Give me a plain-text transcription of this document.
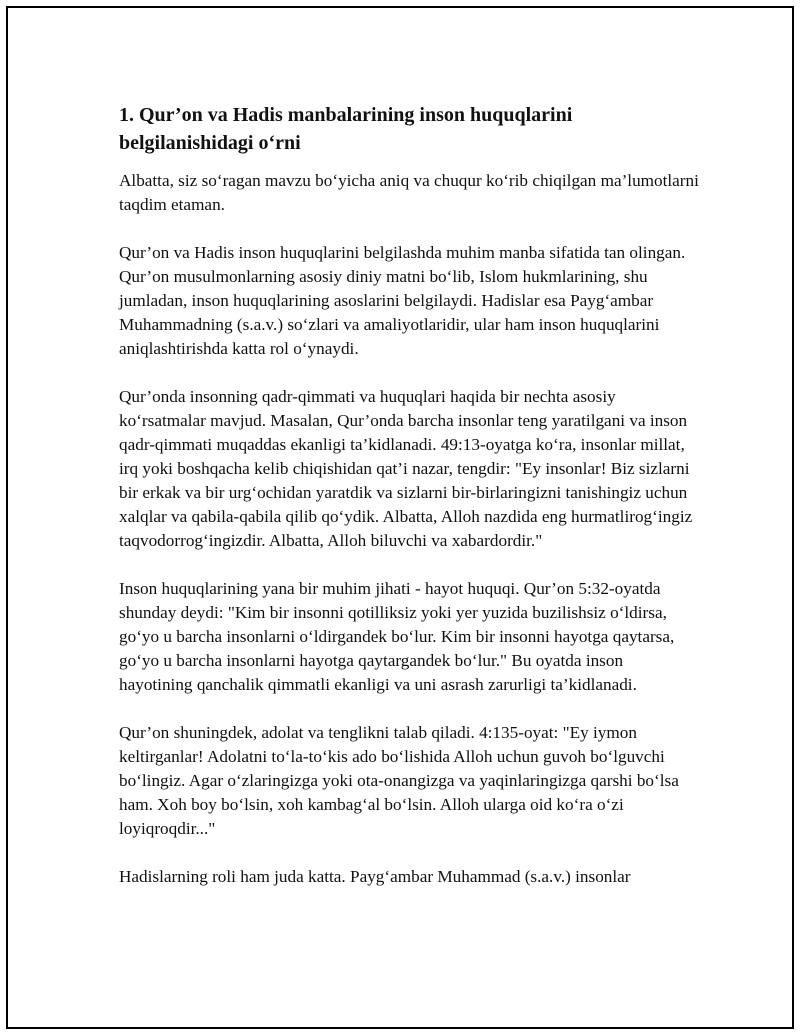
1. Qur’on va Hadis manbalarining inson huquqlarini belgilanishidagi o‘rni

Albatta, siz so‘ragan mavzu bo‘yicha aniq va chuqur ko‘rib chiqilgan ma’lumotlarni taqdim etaman.

Qur’on va Hadis inson huquqlarini belgilashda muhim manba sifatida tan olingan. Qur’on musulmonlarning asosiy diniy matni bo‘lib, Islom hukmlarining, shu jumladan, inson huquqlarining asoslarini belgilaydi. Hadislar esa Payg‘ambar Muhammadning (s.a.v.) so‘zlari va amaliyotlaridir, ular ham inson huquqlarini aniqlashtirishda katta rol o‘ynaydi.

Qur’onda insonning qadr-qimmati va huquqlari haqida bir nechta asosiy ko‘rsatmalar mavjud. Masalan, Qur’onda barcha insonlar teng yaratilgani va inson qadr-qimmati muqaddas ekanligi ta’kidlanadi. 49:13-oyatga ko‘ra, insonlar millat, irq yoki boshqacha kelib chiqishidan qat’i nazar, tengdir: "Ey insonlar! Biz sizlarni bir erkak va bir urg‘ochidan yaratdik va sizlarni bir-birlaringizni tanishingiz uchun xalqlar va qabila-qabila qilib qo‘ydik. Albatta, Alloh nazdida eng hurmatlirog‘ingiz taqvodorrog‘ingizdir. Albatta, Alloh biluvchi va xabardordir."

Inson huquqlarining yana bir muhim jihati - hayot huquqi. Qur’on 5:32-oyatda shunday deydi: "Kim bir insonni qotilliksiz yoki yer yuzida buzilishsiz o‘ldirsa, go‘yo u barcha insonlarni o‘ldirgandek bo‘lur. Kim bir insonni hayotga qaytarsa, go‘yo u barcha insonlarni hayotga qaytargandek bo‘lur." Bu oyatda inson hayotining qanchalik qimmatli ekanligi va uni asrash zarurligi ta’kidlanadi.

Qur’on shuningdek, adolat va tenglikni talab qiladi. 4:135-oyat: "Ey iymon keltirganlar! Adolatni to‘la-to‘kis ado bo‘lishida Alloh uchun guvoh bo‘lguvchi bo‘lingiz. Agar o‘zlaringizga yoki ota-onangizga va yaqinlaringizga qarshi bo‘lsa ham. Xoh boy bo‘lsin, xoh kambag‘al bo‘lsin. Alloh ularga oid ko‘ra o‘zi loyiqroqdir..."

Hadislarning roli ham juda katta. Payg‘ambar Muhammad (s.a.v.) insonlar
